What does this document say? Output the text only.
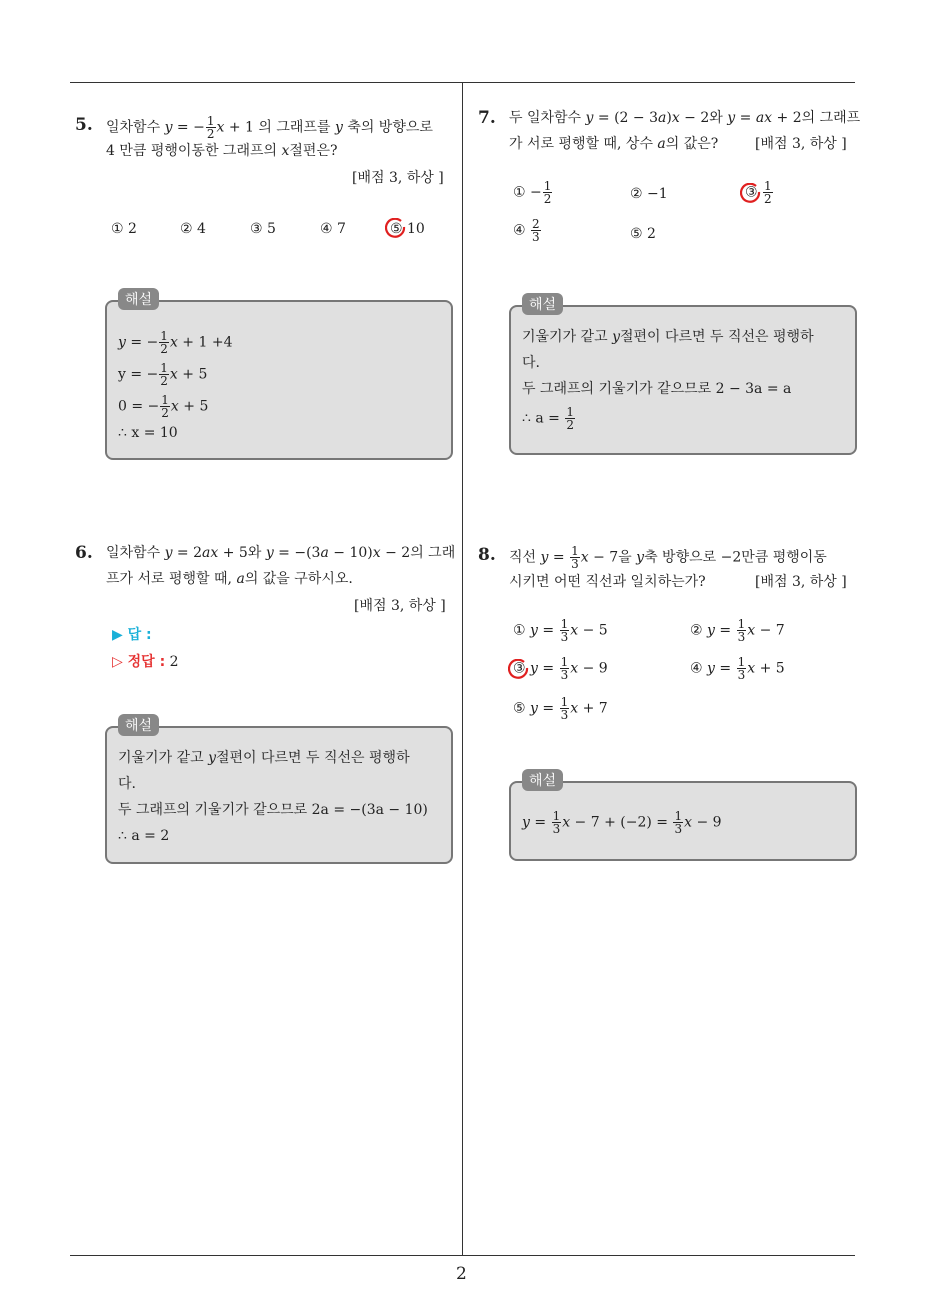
2
5. 일차함수 y = − $\frac{1}{2}$ x + 1 의 그래프를 y 축의 방향으로
4 만큼 평행이동한 그래프의 x절편은?
[배점 3, 하상 ]
① 2	② 4	③ 5	④ 7	⑤ 10
해설
y = − $\frac{1}{2}$ x + 1 +4
y = − $\frac{1}{2}$ x + 5
0 = − $\frac{1}{2}$ x + 5
∴ x = 10
6. 일차함수 y = 2ax + 5와 y = −(3a − 10)x − 2의 그래
프가 서로 평행할 때, a의 값을 구하시오.
[배점 3, 하상 ]
▶ 답 :
▷ 정답 : 2
해설
기울기가 같고 y절편이 다르면 두 직선은 평행하
다.
두 그래프의 기울기가 같으므로 2a = −(3a − 10)
∴ a = 2
7. 두 일차함수 y = (2 − 3a)x − 2와 y = ax + 2의 그래프
가 서로 평행할 때, 상수 a의 값은?	[배점 3, 하상 ]
① − $\frac{1}{2}$	② −1	③ $\frac{1}{2}$
④ $\frac{2}{3}$	⑤ 2
해설
기울기가 같고 y절편이 다르면 두 직선은 평행하
다.
두 그래프의 기울기가 같으므로 2 − 3a = a
∴ $a = \frac{1}{2}$
8. 직선 $y = \frac{1}{3}$ x − 7을 y축 방향으로 −2만큼 평행이동
시키면 어떤 직선과 일치하는가?	[배점 3, 하상 ]
① $y = \frac{1}{3}$ x − 5	② $y = \frac{1}{3}$ x − 7
③ $y = \frac{1}{3}$ x − 9	④ $y = \frac{1}{3}$ x + 5
⑤ $y = \frac{1}{3}$ x + 7
해설
$y = \frac{1}{3}$ $x - 7 + (-2) = \frac{1}{3}$ x − 9
